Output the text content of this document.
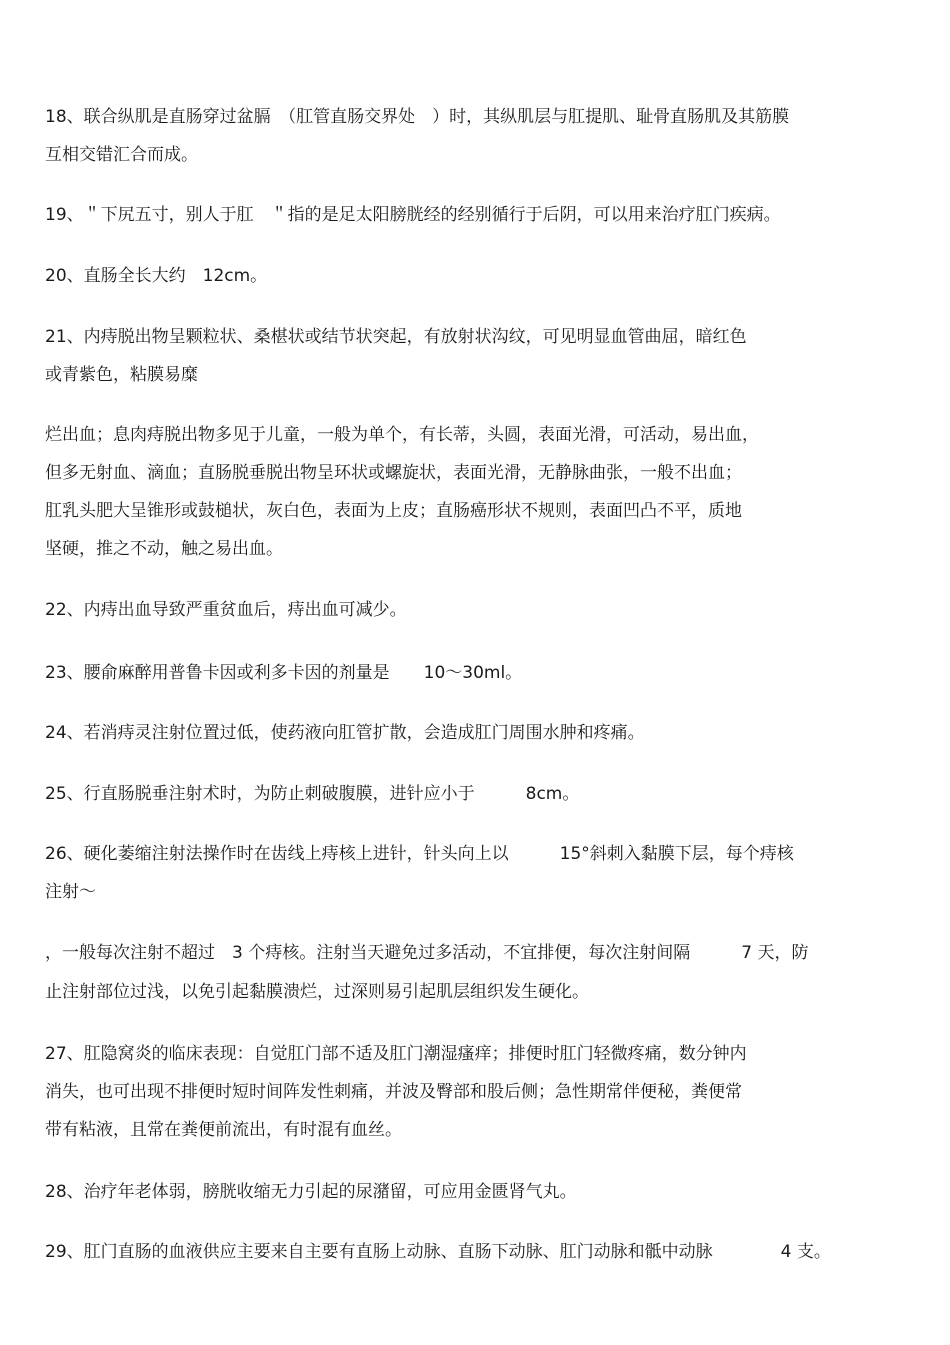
18、联合纵肌是直肠穿过盆膈　（肛管直肠交界处　）时，其纵肌层与肛提肌、耻骨直肠肌及其筋膜
互相交错汇合而成。
19、＂下尻五寸，别人于肛　＂指的是足太阳膀胱经的经别循行于后阴，可以用来治疗肛门疾病。
20、直肠全长大约　12cm。
21、内痔脱出物呈颗粒状、桑椹状或结节状突起，有放射状沟纹，可见明显血管曲屈，暗红色
或青紫色，粘膜易糜
烂出血；息肉痔脱出物多见于儿童，一般为单个，有长蒂，头圆，表面光滑，可活动，易出血，
但多无射血、滴血；直肠脱垂脱出物呈环状或螺旋状，表面光滑，无静脉曲张，一般不出血；
肛乳头肥大呈锥形或鼓槌状，灰白色，表面为上皮；直肠癌形状不规则，表面凹凸不平，质地
坚硬，推之不动，触之易出血。
22、内痔出血导致严重贫血后，痔出血可减少。
23、腰俞麻醉用普鲁卡因或利多卡因的剂量是　　10～30ml。
24、若消痔灵注射位置过低，使药液向肛管扩散，会造成肛门周围水肿和疼痛。
25、行直肠脱垂注射术时，为防止刺破腹膜，进针应小于　　　8cm。
26、硬化萎缩注射法操作时在齿线上痔核上进针，针头向上以　　　15°斜刺入黏膜下层，每个痔核
注射～
，一般每次注射不超过　3 个痔核。注射当天避免过多活动，不宜排便，每次注射间隔　　　7 天，防
止注射部位过浅，以免引起黏膜溃烂，过深则易引起肌层组织发生硬化。
27、肛隐窝炎的临床表现：自觉肛门部不适及肛门潮湿瘙痒；排便时肛门轻微疼痛，数分钟内
消失，也可出现不排便时短时间阵发性刺痛，并波及臀部和股后侧；急性期常伴便秘，粪便常
带有粘液，且常在粪便前流出，有时混有血丝。
28、治疗年老体弱，膀胱收缩无力引起的尿潴留，可应用金匮肾气丸。
29、肛门直肠的血液供应主要来自主要有直肠上动脉、直肠下动脉、肛门动脉和骶中动脉　　　　4 支。
